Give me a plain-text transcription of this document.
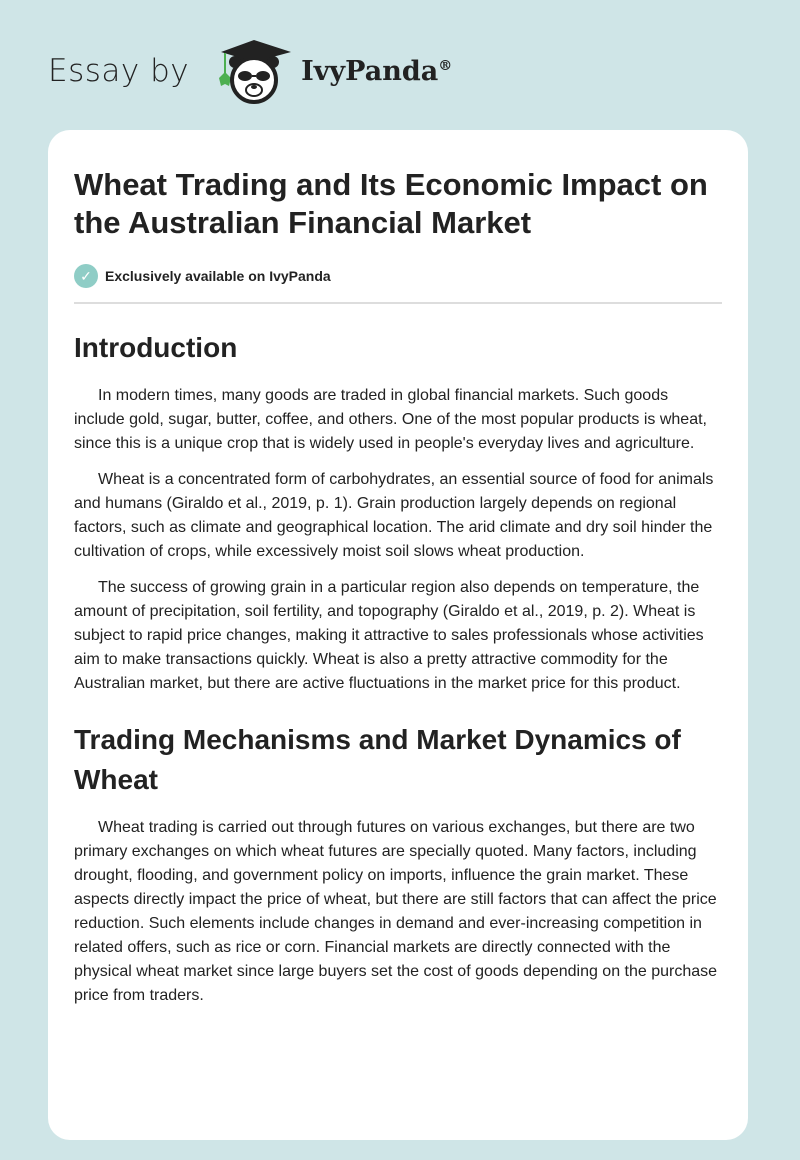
Essay by	IvyPanda®
Wheat Trading and Its Economic Impact on the Australian Financial Market
✓ Exclusively available on IvyPanda
Introduction

In modern times, many goods are traded in global financial markets. Such goods include gold, sugar, butter, coffee, and others. One of the most popular products is wheat, since this is a unique crop that is widely used in people's everyday lives and agriculture.

Wheat is a concentrated form of carbohydrates, an essential source of food for animals and humans (Giraldo et al., 2019, p. 1). Grain production largely depends on regional factors, such as climate and geographical location. The arid climate and dry soil hinder the cultivation of crops, while excessively moist soil slows wheat production.

The success of growing grain in a particular region also depends on temperature, the amount of precipitation, soil fertility, and topography (Giraldo et al., 2019, p. 2). Wheat is subject to rapid price changes, making it attractive to sales professionals whose activities aim to make transactions quickly. Wheat is also a pretty attractive commodity for the Australian market, but there are active fluctuations in the market price for this product.

Trading Mechanisms and Market Dynamics of Wheat

Wheat trading is carried out through futures on various exchanges, but there are two primary exchanges on which wheat futures are specially quoted. Many factors, including drought, flooding, and government policy on imports, influence the grain market. These aspects directly impact the price of wheat, but there are still factors that can affect the price reduction. Such elements include changes in demand and ever-increasing competition in related offers, such as rice or corn. Financial markets are directly connected with the physical wheat market since large buyers set the cost of goods depending on the purchase price from traders.
